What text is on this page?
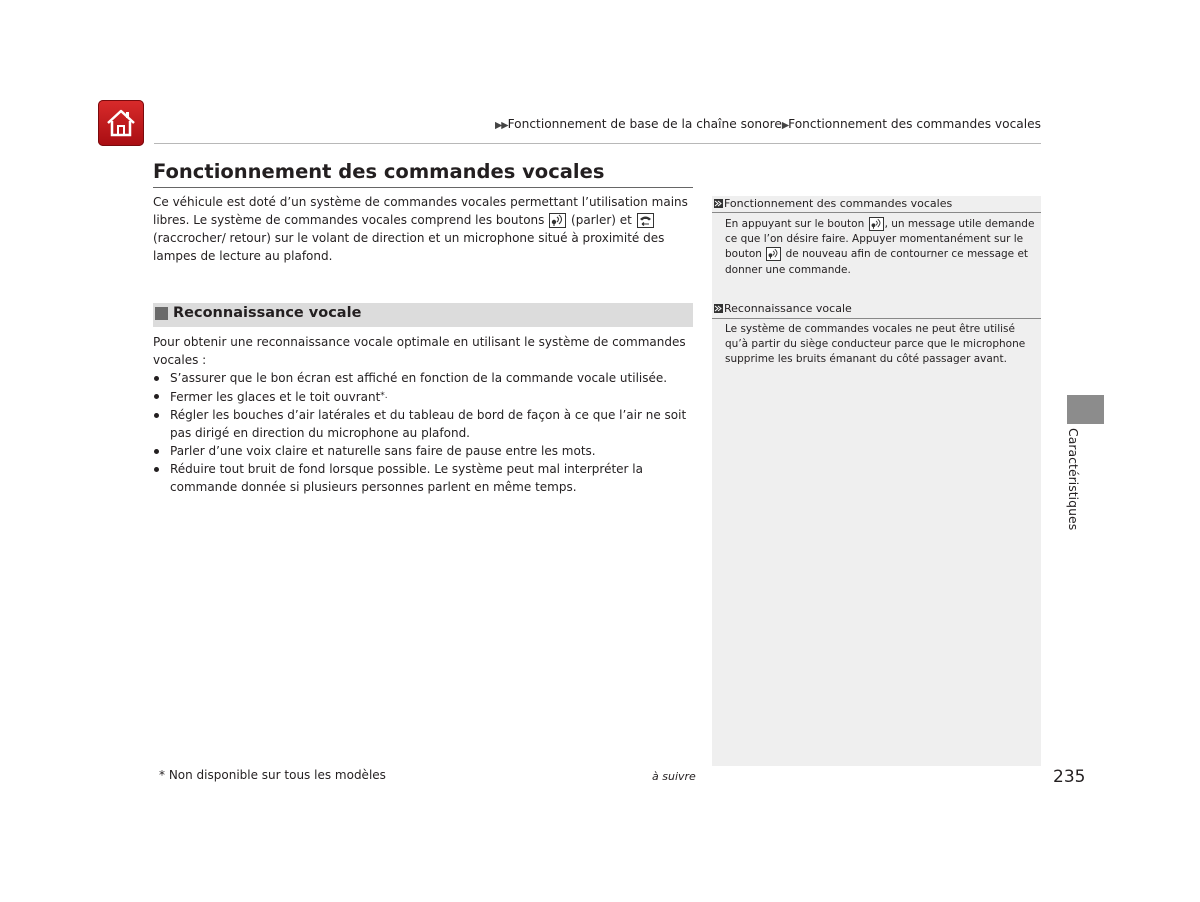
▶▶Fonctionnement de base de la chaîne sonore▶Fonctionnement des commandes vocales
Fonctionnement des commandes vocales
Ce véhicule est doté d’un système de commandes vocales permettant l’utilisation mains libres. Le système de commandes vocales comprend les boutons  (parler) et  (raccrocher/ retour) sur le volant de direction et un microphone situé à proximité des lampes de lecture au plafond.
Reconnaissance vocale
Pour obtenir une reconnaissance vocale optimale en utilisant le système de commandes vocales :
S’assurer que le bon écran est affiché en fonction de la commande vocale utilisée.
Fermer les glaces et le toit ouvrant*.
Régler les bouches d’air latérales et du tableau de bord de façon à ce que l’air ne soit pas dirigé en direction du microphone au plafond.
Parler d’une voix claire et naturelle sans faire de pause entre les mots.
Réduire tout bruit de fond lorsque possible. Le système peut mal interpréter la commande donnée si plusieurs personnes parlent en même temps.
Fonctionnement des commandes vocales
En appuyant sur le bouton , un message utile demande ce que l’on désire faire. Appuyer momentanément sur le bouton  de nouveau afin de contourner ce message et donner une commande.
Reconnaissance vocale
Le système de commandes vocales ne peut être utilisé qu’à partir du siège conducteur parce que le microphone supprime les bruits émanant du côté passager avant.
* Non disponible sur tous les modèles	à suivre	235
Caractéristiques
